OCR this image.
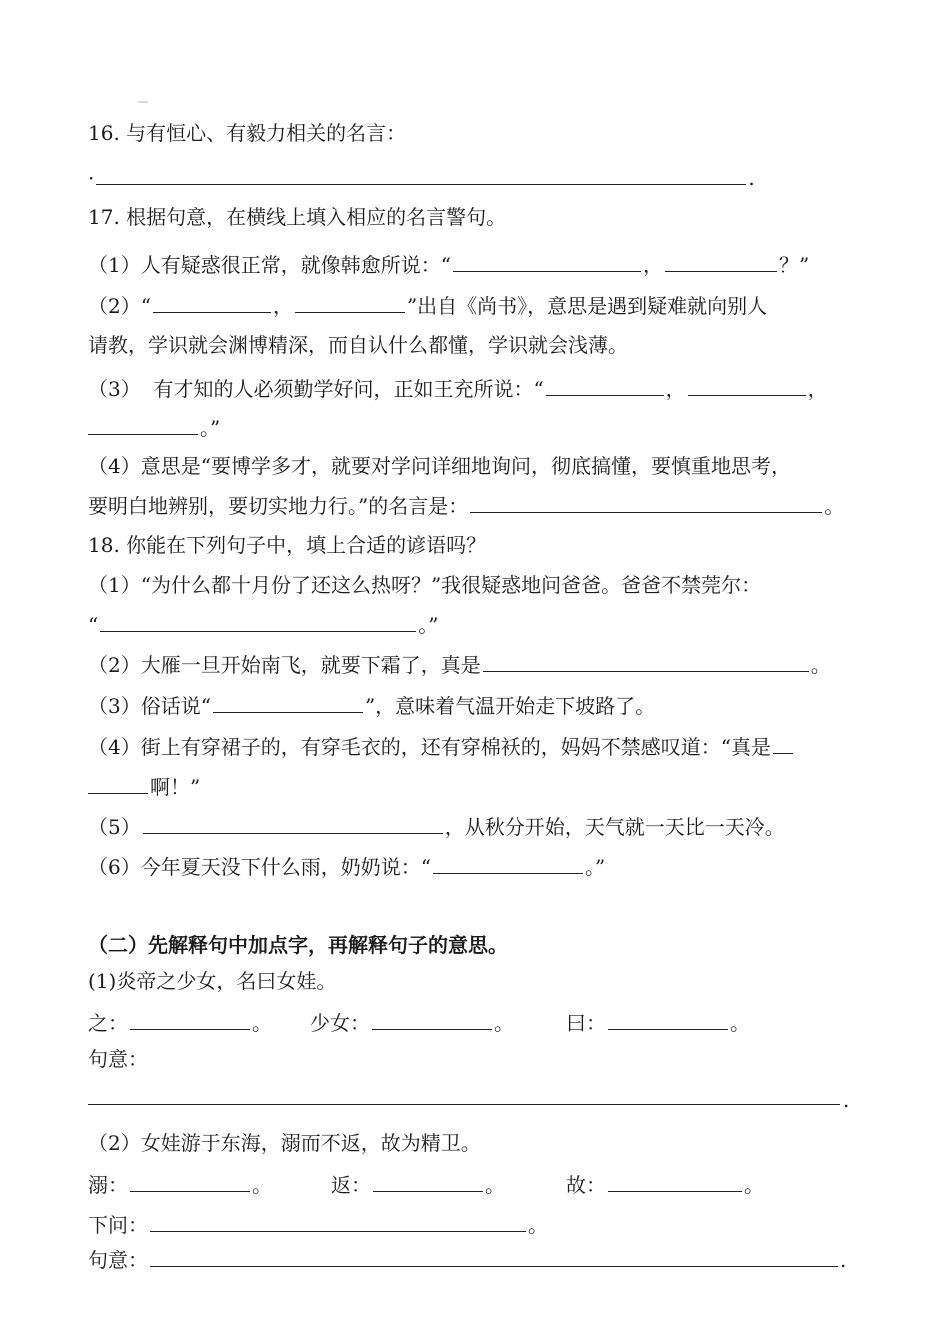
16. 与有恒心、有毅力相关的名言：
·	.
17. 根据句意，在横线上填入相应的名言警句。
（1）人有疑惑很正常，就像韩愈所说：“	，	？”
（2）“	，	”出自《尚书》，意思是遇到疑难就向别人
请教，学识就会渊博精深，而自认什么都懂，学识就会浅薄。
（3）  有才知的人必须勤学好问，正如王充所说：“	，	，
。”
（4）意思是“要博学多才，就要对学问详细地询问，彻底搞懂，要慎重地思考，
要明白地辨别，要切实地力行。”的名言是：	。
18. 你能在下列句子中，填上合适的谚语吗？
（1）“为什么都十月份了还这么热呀？”我很疑惑地问爸爸。爸爸不禁莞尔：
“	。”
（2）大雁一旦开始南飞，就要下霜了，真是	。
（3）俗话说“	”，意味着气温开始走下坡路了。
（4）街上有穿裙子的，有穿毛衣的，还有穿棉袄的，妈妈不禁感叹道：“真是
啊！”
（5）	，从秋分开始，天气就一天比一天冷。
（6）今年夏天没下什么雨，奶奶说：“	。”
（二）先解释句中加点字，再解释句子的意思。
(1)炎帝之少女，名曰女娃。
之：	。 少女：	。	曰：	。
句意：
.
（2）女娃游于东海，溺而不返，故为精卫。
溺：	。	返：	。	故：	。
下问：	。
句意：	.
